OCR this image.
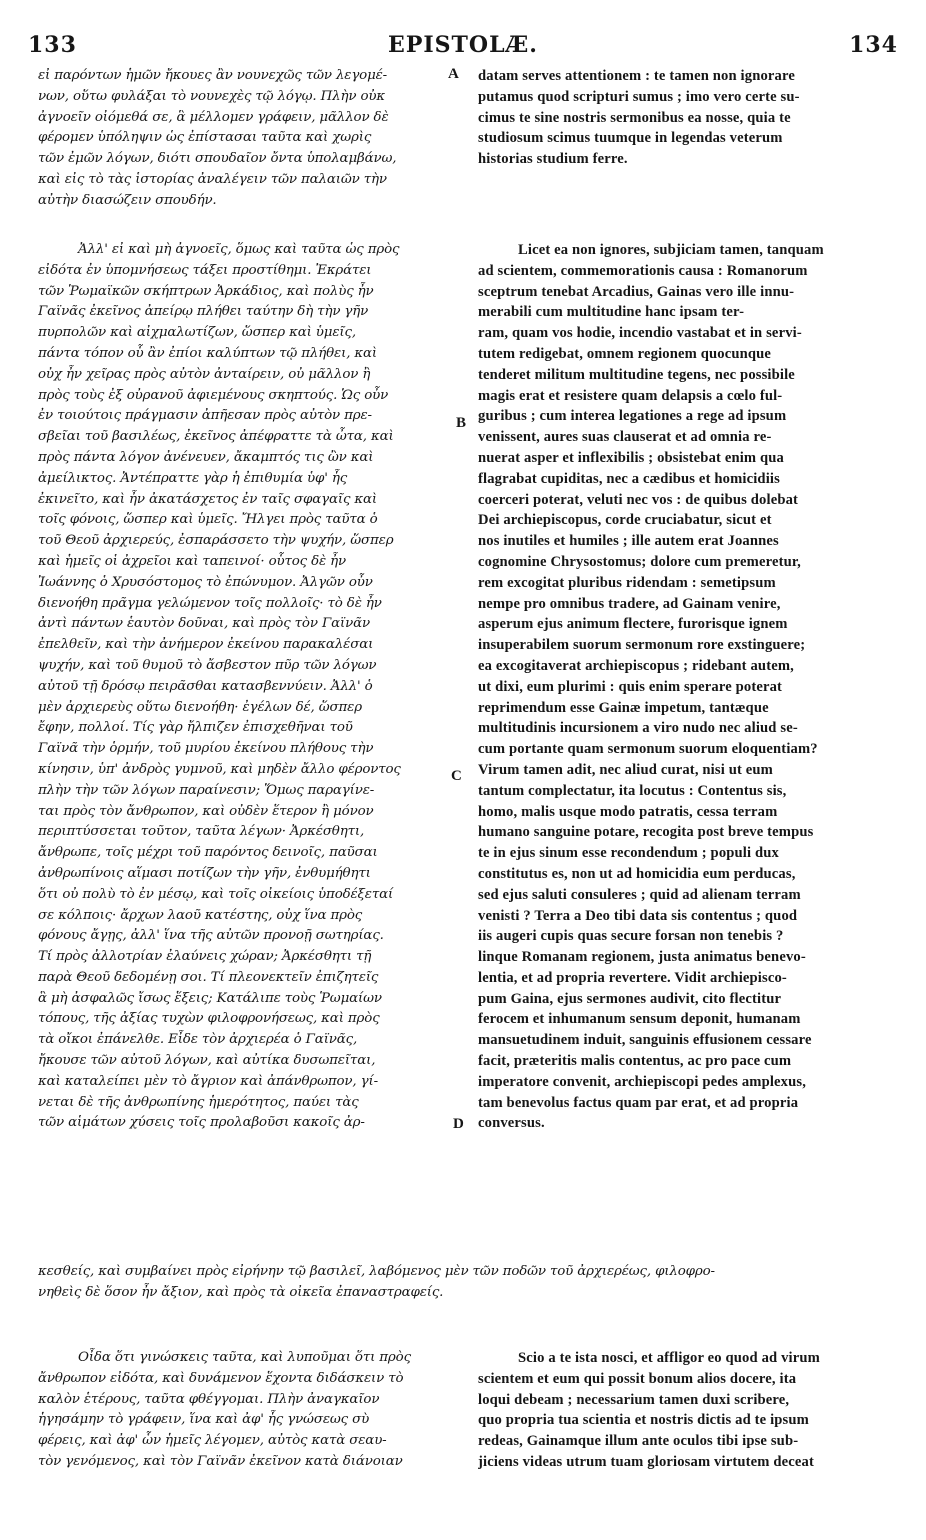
133	EPISTOLÆ.	134
A
B
C
D
εἰ παρόντων ἡμῶν ἤκουες ἂν νουνεχῶς τῶν λεγομέ-
νων, οὕτω φυλάξαι τὸ νουνεχὲς τῷ λόγῳ. Πλὴν οὐκ
ἀγνοεῖν οἰόμεθά σε, ἃ μέλλομεν γράφειν, μᾶλλον δὲ
φέρομεν ὑπόληψιν ὡς ἐπίστασαι ταῦτα καὶ χωρὶς
τῶν ἐμῶν λόγων, διότι σπουδαῖον ὄντα ὑπολαμβάνω,
καὶ εἰς τὸ τὰς ἱστορίας ἀναλέγειν τῶν παλαιῶν τὴν
αὐτὴν διασώζειν σπουδήν.
Ἀλλ' εἰ καὶ μὴ ἀγνοεῖς, ὅμως καὶ ταῦτα ὡς πρὸς
εἰδότα ἐν ὑπομνήσεως τάξει προστίθημι. Ἐκράτει
τῶν Ῥωμαϊκῶν σκήπτρων Ἀρκάδιος, καὶ πολὺς ἦν
Γαϊνᾶς ἐκεῖνος ἀπείρῳ πλήθει ταύτην δὴ τὴν γῆν
πυρπολῶν καὶ αἰχμαλωτίζων, ὥσπερ καὶ ὑμεῖς,
πάντα τόπον οὗ ἂν ἐπίοι καλύπτων τῷ πλήθει, καὶ
οὐχ ἦν χεῖρας πρὸς αὐτὸν ἀνταίρειν, οὐ μᾶλλον ἢ
πρὸς τοὺς ἐξ οὐρανοῦ ἀφιεμένους σκηπτούς. Ὡς οὖν
ἐν τοιούτοις πράγμασιν ἀπῆεσαν πρὸς αὐτὸν πρε-
σβεῖαι τοῦ βασιλέως, ἐκεῖνος ἀπέφραττε τὰ ὦτα, καὶ
πρὸς πάντα λόγον ἀνένευεν, ἄκαμπτός τις ὢν καὶ
ἀμείλικτος. Ἀντέπραττε γὰρ ἡ ἐπιθυμία ὑφ' ἧς
ἐκινεῖτο, καὶ ἦν ἀκατάσχετος ἐν ταῖς σφαγαῖς καὶ
τοῖς φόνοις, ὥσπερ καὶ ὑμεῖς. Ἤλγει πρὸς ταῦτα ὁ
τοῦ Θεοῦ ἀρχιερεύς, ἐσπαράσσετο τὴν ψυχήν, ὥσπερ
καὶ ἡμεῖς οἱ ἀχρεῖοι καὶ ταπεινοί· οὗτος δὲ ἦν
Ἰωάννης ὁ Χρυσόστομος τὸ ἐπώνυμον. Ἀλγῶν οὖν
διενοήθη πρᾶγμα γελώμενον τοῖς πολλοῖς· τὸ δὲ ἦν
ἀντὶ πάντων ἑαυτὸν δοῦναι, καὶ πρὸς τὸν Γαϊνᾶν
ἐπελθεῖν, καὶ τὴν ἀνήμερον ἐκείνου παρακαλέσαι
ψυχήν, καὶ τοῦ θυμοῦ τὸ ἄσβεστον πῦρ τῶν λόγων
αὐτοῦ τῇ δρόσῳ πειρᾶσθαι κατασβεννύειν. Ἀλλ' ὁ
μὲν ἀρχιερεὺς οὕτω διενοήθη· ἐγέλων δέ, ὥσπερ
ἔφην, πολλοί. Τίς γὰρ ἤλπιζεν ἐπισχεθῆναι τοῦ
Γαϊνᾶ τὴν ὁρμήν, τοῦ μυρίου ἐκείνου πλήθους τὴν
κίνησιν, ὑπ' ἀνδρὸς γυμνοῦ, καὶ μηδὲν ἄλλο φέροντος
πλὴν τὴν τῶν λόγων παραίνεσιν; Ὅμως παραγίνε-
ται πρὸς τὸν ἄνθρωπον, καὶ οὐδὲν ἕτερον ἢ μόνον
περιπτύσσεται τοῦτον, ταῦτα λέγων· Ἀρκέσθητι,
ἄνθρωπε, τοῖς μέχρι τοῦ παρόντος δεινοῖς, παῦσαι
ἀνθρωπίνοις αἵμασι ποτίζων τὴν γῆν, ἐνθυμήθητι
ὅτι οὐ πολὺ τὸ ἐν μέσῳ, καὶ τοῖς οἰκείοις ὑποδέξεταί
σε κόλποις· ἄρχων λαοῦ κατέστης, οὐχ ἵνα πρὸς
φόνους ἄγῃς, ἀλλ' ἵνα τῆς αὐτῶν προνοῇ σωτηρίας.
Τί πρὸς ἀλλοτρίαν ἐλαύνεις χώραν; Ἀρκέσθητι τῇ
παρὰ Θεοῦ δεδομένῃ σοι. Τί πλεονεκτεῖν ἐπιζητεῖς
ἃ μὴ ἀσφαλῶς ἴσως ἕξεις; Κατάλιπε τοὺς Ῥωμαίων
τόπους, τῆς ἀξίας τυχὼν φιλοφρονήσεως, καὶ πρὸς
τὰ οἴκοι ἐπάνελθε. Εἶδε τὸν ἀρχιερέα ὁ Γαϊνᾶς,
ἤκουσε τῶν αὐτοῦ λόγων, καὶ αὐτίκα δυσωπεῖται,
καὶ καταλείπει μὲν τὸ ἄγριον καὶ ἀπάνθρωπον, γί-
νεται δὲ τῆς ἀνθρωπίνης ἡμερότητος, παύει τὰς
τῶν αἱμάτων χύσεις τοῖς προλαβοῦσι κακοῖς ἀρ-
κεσθείς, καὶ συμβαίνει πρὸς εἰρήνην τῷ βασιλεῖ, λαβόμενος μὲν τῶν ποδῶν τοῦ ἀρχιερέως, φιλοφρο-
νηθεὶς δὲ ὅσον ἦν ἄξιον, καὶ πρὸς τὰ οἰκεῖα ἐπαναστραφείς.
Οἶδα ὅτι γινώσκεις ταῦτα, καὶ λυποῦμαι ὅτι πρὸς
ἄνθρωπον εἰδότα, καὶ δυνάμενον ἕχοντα διδάσκειν τὸ
καλὸν ἑτέρους, ταῦτα φθέγγομαι. Πλὴν ἀναγκαῖον
ἡγησάμην τὸ γράφειν, ἵνα καὶ ἀφ' ἧς γνώσεως σὺ
φέρεις, καὶ ἀφ' ὧν ἡμεῖς λέγομεν, αὐτὸς κατὰ σεαυ-
τὸν γενόμενος, καὶ τὸν Γαϊνᾶν ἐκεῖνον κατὰ διάνοιαν
datam serves attentionem : te tamen non ignorare
putamus quod scripturi sumus ; imo vero certe su-
cimus te sine nostris sermonibus ea nosse, quia te
studiosum scimus tuumque in legendas veterum
historias studium ferre.
Licet ea non ignores, subjiciam tamen, tanquam
ad scientem, commemorationis causa : Romanorum
sceptrum tenebat Arcadius, Gainas vero ille innu-
merabili cum multitudine hanc ipsam ter-
ram, quam vos hodie, incendio vastabat et in servi-
tutem redigebat, omnem regionem quocunque
tenderet militum multitudine tegens, nec possibile
magis erat et resistere quam delapsis a cœlo ful-
guribus ; cum interea legationes a rege ad ipsum
venissent, aures suas clauserat et ad omnia re-
nuerat asper et inflexibilis ; obsistebat enim qua
flagrabat cupiditas, nec a cædibus et homicidiis
coerceri poterat, veluti nec vos : de quibus dolebat
Dei archiepiscopus, corde cruciabatur, sicut et
nos inutiles et humiles ; ille autem erat Joannes
cognomine Chrysostomus; dolore cum premeretur,
rem excogitat pluribus ridendam : semetipsum
nempe pro omnibus tradere, ad Gainam venire,
asperum ejus animum flectere, furorisque ignem
insuperabilem suorum sermonum rore exstinguere;
ea excogitaverat archiepiscopus ; ridebant autem,
ut dixi, eum plurimi : quis enim sperare poterat
reprimendum esse Gainæ impetum, tantæque
multitudinis incursionem a viro nudo nec aliud se-
cum portante quam sermonum suorum eloquentiam?
Virum tamen adit, nec aliud curat, nisi ut eum
tantum complectatur, ita locutus : Contentus sis,
homo, malis usque modo patratis, cessa terram
humano sanguine potare, recogita post breve tempus
te in ejus sinum esse recondendum ; populi dux
constitutus es, non ut ad homicidia eum perducas,
sed ejus saluti consuleres ; quid ad alienam terram
venisti ? Terra a Deo tibi data sis contentus ; quod
iis augeri cupis quas secure forsan non tenebis ?
linque Romanam regionem, justa animatus benevo-
lentia, et ad propria revertere. Vidit archiepisco-
pum Gaina, ejus sermones audivit, cito flectitur
ferocem et inhumanum sensum deponit, humanam
mansuetudinem induit, sanguinis effusionem cessare
facit, præteritis malis contentus, ac pro pace cum
imperatore convenit, archiepiscopi pedes amplexus,
tam benevolus factus quam par erat, et ad propria
conversus.
Scio a te ista nosci, et affligor eo quod ad virum
scientem et eum qui possit bonum alios docere, ita
loqui debeam ; necessarium tamen duxi scribere,
quo propria tua scientia et nostris dictis ad te ipsum
redeas, Gainamque illum ante oculos tibi ipse sub-
jiciens videas utrum tuam gloriosam virtutem deceat
